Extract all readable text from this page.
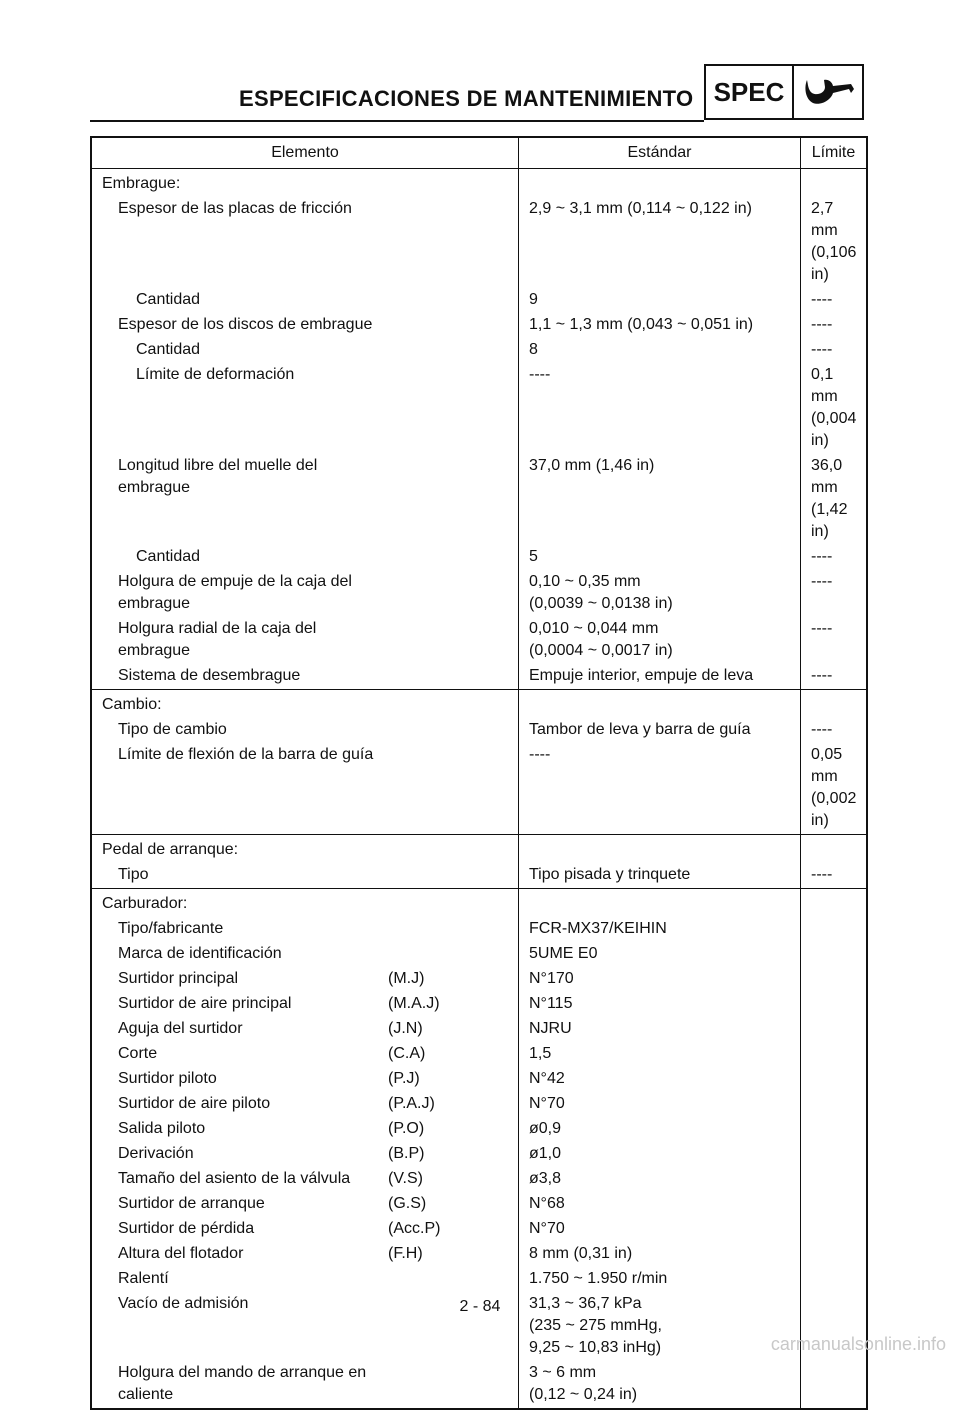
ESPECIFICACIONES DE MANTENIMIENTO SPEC
Elemento	Estándar	Límite
Embrague:		

Espesor de las placas de fricción	2,9 ~ 3,1 mm (0,114 ~ 0,122 in)	2,7 mm
(0,106 in)

Cantidad	9	----

Espesor de los discos de embrague	1,1 ~ 1,3 mm (0,043 ~ 0,051 in)	----

Cantidad	8	----

Límite de deformación	----	0,1 mm
(0,004 in)

Longitud libre del muelle del embrague	37,0 mm (1,46 in)	36,0 mm
(1,42 in)

Cantidad	5	----

Holgura de empuje de la caja del embrague	0,10 ~ 0,35 mm
(0,0039 ~ 0,0138 in)	----

Holgura radial de la caja del embrague	0,010 ~ 0,044 mm
(0,0004 ~ 0,0017 in)	----

Sistema de desembrague	Empuje interior, empuje de leva	----

Cambio:		

Tipo de cambio	Tambor de leva y barra de guía	----

Límite de flexión de la barra de guía	----	0,05 mm
(0,002 in)

Pedal de arranque:		

Tipo	Tipo pisada y trinquete	----

Carburador:		

Tipo/fabricante	FCR-MX37/KEIHIN	

Marca de identificación	5UME E0	

Surtidor principal (M.J)	N°170	

Surtidor de aire principal (M.A.J)	N°115	

Aguja del surtidor (J.N)	NJRU	

Corte (C.A)	1,5	

Surtidor piloto (P.J)	N°42	

Surtidor de aire piloto (P.A.J)	N°70	

Salida piloto (P.O)	ø0,9	

Derivación (B.P)	ø1,0	

Tamaño del asiento de la válvula (V.S)	ø3,8	

Surtidor de arranque (G.S)	N°68	

Surtidor de pérdida (Acc.P)	N°70	

Altura del flotador (F.H)	8 mm (0,31 in)	

Ralentí	1.750 ~ 1.950 r/min	

Vacío de admisión	31,3 ~ 36,7 kPa
(235 ~ 275 mmHg,
9,25 ~ 10,83 inHg)	

Holgura del mando de arranque en caliente	3 ~ 6 mm
(0,12 ~ 0,24 in)	

2 - 84
carmanualsonline.info
